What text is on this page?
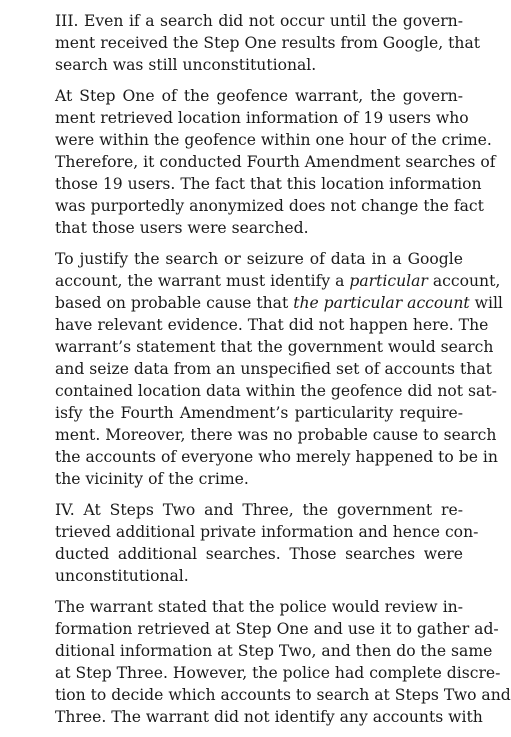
III. Even if a search did not occur until the govern-
ment received the Step One results from Google, that
search was still unconstitutional.
At Step One of the geofence warrant, the govern-
ment retrieved location information of 19 users who
were within the geofence within one hour of the crime.
Therefore, it conducted Fourth Amendment searches of
those 19 users. The fact that this location information
was purportedly anonymized does not change the fact
that those users were searched.
To justify the search or seizure of data in a Google
account, the warrant must identify a particular account,
based on probable cause that the particular account will
have relevant evidence. That did not happen here. The
warrant’s statement that the government would search
and seize data from an unspecified set of accounts that
contained location data within the geofence did not sat-
isfy the Fourth Amendment’s particularity require-
ment. Moreover, there was no probable cause to search
the accounts of everyone who merely happened to be in
the vicinity of the crime.
IV. At Steps Two and Three, the government re-
trieved additional private information and hence con-
ducted additional searches. Those searches were
unconstitutional.
The warrant stated that the police would review in-
formation retrieved at Step One and use it to gather ad-
ditional information at Step Two, and then do the same
at Step Three. However, the police had complete discre-
tion to decide which accounts to search at Steps Two and
Three. The warrant did not identify any accounts with
